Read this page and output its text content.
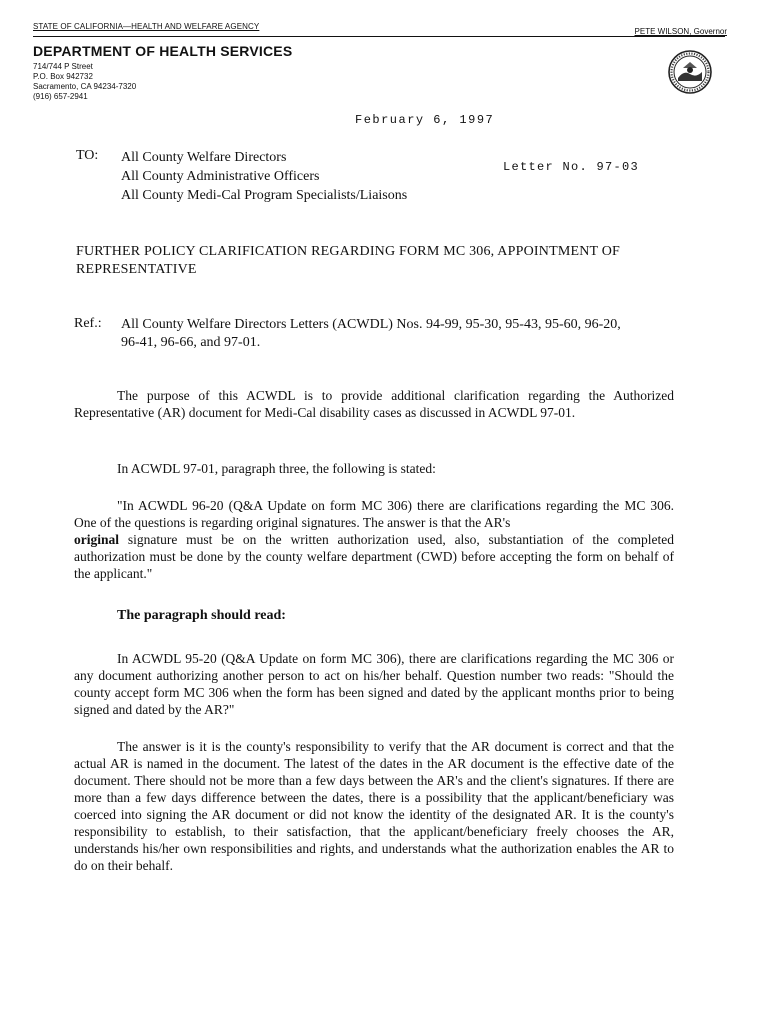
STATE OF CALIFORNIA—HEALTH AND WELFARE AGENCY
PETE WILSON, Governor
DEPARTMENT OF HEALTH SERVICES
714/744 P Street
P.O. Box 942732
Sacramento, CA 94234-7320
(916) 657-2941
February 6, 1997
TO: All County Welfare Directors
All County Administrative Officers
All County Medi-Cal Program Specialists/Liaisons
Letter No. 97-03
FURTHER POLICY CLARIFICATION REGARDING FORM MC 306, APPOINTMENT OF REPRESENTATIVE
Ref.: All County Welfare Directors Letters (ACWDL) Nos. 94-99, 95-30, 95-43, 95-60, 96-20, 96-41, 96-66, and 97-01.
The purpose of this ACWDL is to provide additional clarification regarding the Authorized Representative (AR) document for Medi-Cal disability cases as discussed in ACWDL 97-01.
In ACWDL 97-01, paragraph three, the following is stated:
"In ACWDL 96-20 (Q&A Update on form MC 306) there are clarifications regarding the MC 306. One of the questions is regarding original signatures. The answer is that the AR's
original signature must be on the written authorization used, also, substantiation of the completed authorization must be done by the county welfare department (CWD) before accepting the form on behalf of the applicant."
The paragraph should read:
In ACWDL 95-20 (Q&A Update on form MC 306), there are clarifications regarding the MC 306 or any document authorizing another person to act on his/her behalf. Question number two reads: "Should the county accept form MC 306 when the form has been signed and dated by the applicant months prior to being signed and dated by the AR?"
The answer is it is the county's responsibility to verify that the AR document is correct and that the actual AR is named in the document. The latest of the dates in the AR document is the effective date of the document. There should not be more than a few days between the AR's and the client's signatures. If there are more than a few days difference between the dates, there is a possibility that the applicant/beneficiary was coerced into signing the AR document or did not know the identity of the designated AR. It is the county's responsibility to establish, to their satisfaction, that the applicant/beneficiary freely chooses the AR, understands his/her own responsibilities and rights, and understands what the authorization enables the AR to do on their behalf.
